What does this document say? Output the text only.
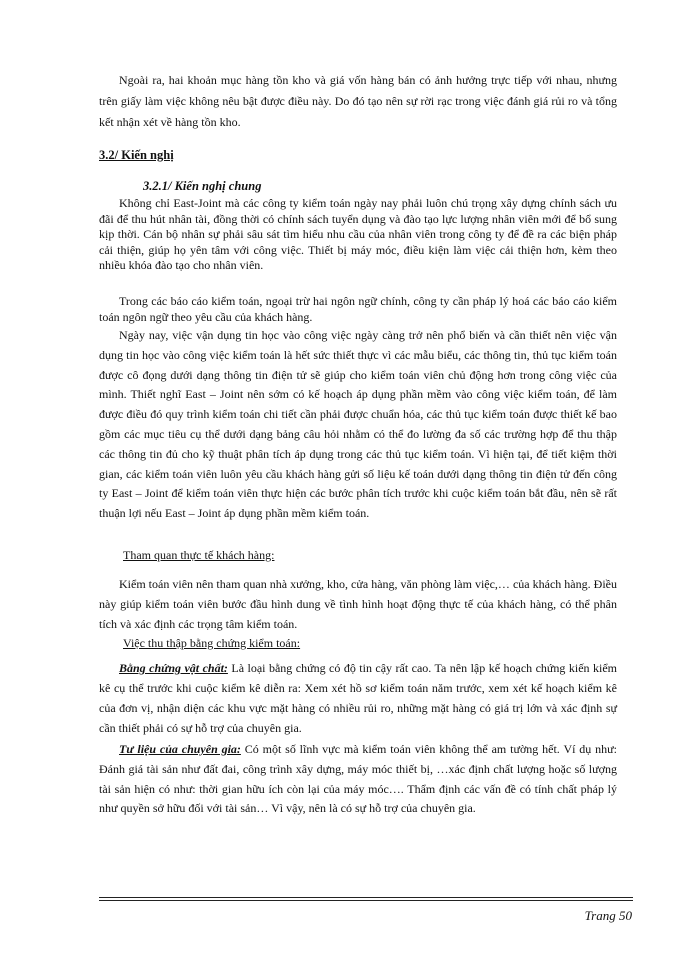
Ngoài ra, hai khoản mục hàng tồn kho và giá vốn hàng bán có ảnh hưởng trực tiếp với nhau, nhưng trên giấy làm việc không nêu bật được điều này. Do đó tạo nên sự rời rạc trong việc đánh giá rủi ro và tổng kết nhận xét về hàng tồn kho.

3.2/ Kiến nghị

3.2.1/ Kiến nghị chung

Không chỉ East-Joint mà các công ty kiểm toán ngày nay phải luôn chú trọng xây dựng chính sách ưu đãi để thu hút nhân tài, đồng thời có chính sách tuyển dụng và đào tạo lực lượng nhân viên mới để bổ sung kịp thời. Cán bộ nhân sự phải sâu sát tìm hiểu nhu cầu của nhân viên trong công ty để đề ra các biện pháp cải thiện, giúp họ yên tâm với công việc. Thiết bị máy móc, điều kiện làm việc cải thiện hơn, kèm theo nhiều khóa đào tạo cho nhân viên.

Trong các báo cáo kiểm toán, ngoại trừ hai ngôn ngữ chính, công ty cần pháp lý hoá các báo cáo kiểm toán ngôn ngữ theo yêu cầu của khách hàng.

Ngày nay, việc vận dụng tin học vào công việc ngày càng trở nên phổ biến và cần thiết nên việc vận dụng tin học vào công việc kiểm toán là hết sức thiết thực vì các mẫu biểu, các thông tin, thủ tục kiểm toán được cô đọng dưới dạng thông tin điện tử sẽ giúp cho kiểm toán viên chủ động hơn trong công việc của mình. Thiết nghĩ East – Joint nên sớm có kế hoạch áp dụng phần mềm vào công việc kiểm toán, để làm được điều đó quy trình kiểm toán chi tiết cần phải được chuẩn hóa, các thủ tục kiểm toán được thiết kế bao gồm các mục tiêu cụ thể dưới dạng bảng câu hỏi nhằm có thể đo lường đa số các trường hợp để thu thập các thông tin đủ cho kỹ thuật phân tích áp dụng trong các thủ tục kiểm toán. Vì hiện tại, để tiết kiệm thời gian, các kiểm toán viên luôn yêu cầu khách hàng gửi số liệu kế toán dưới dạng thông tin điện tử đến công ty East – Joint để kiểm toán viên thực hiện các bước phân tích trước khi cuộc kiểm toán bắt đầu, nên sẽ rất thuận lợi nếu East – Joint áp dụng phần mềm kiểm toán.

Tham quan thực tế khách hàng:

Kiểm toán viên nên tham quan nhà xưởng, kho, cửa hàng, văn phòng làm việc,… của khách hàng. Điều này giúp kiểm toán viên bước đầu hình dung về tình hình hoạt động thực tế của khách hàng, có thể phân tích và xác định các trọng tâm kiểm toán.

Việc thu thập bằng chứng kiểm toán:

Bằng chứng vật chất: Là loại bằng chứng có độ tin cậy rất cao. Ta nên lập kế hoạch chứng kiến kiểm kê cụ thể trước khi cuộc kiểm kê diễn ra: Xem xét hồ sơ kiểm toán năm trước, xem xét kế hoạch kiểm kê của đơn vị, nhận diện các khu vực mặt hàng có nhiều rủi ro, những mặt hàng có giá trị lớn và xác định sự cần thiết phải có sự hỗ trợ của chuyên gia.

Tư liệu của chuyên gia: Có một số lĩnh vực mà kiểm toán viên không thể am tường hết. Ví dụ như: Đánh giá tài sản như đất đai, công trình xây dựng, máy móc thiết bị, …xác định chất lượng hoặc số lượng tài sản hiện có như: thời gian hữu ích còn lại của máy móc…. Thẩm định các vấn đề có tính chất pháp lý như quyền sở hữu đối với tài sản… Vì vậy, nên là có sự hỗ trợ của chuyên gia.

Trang 50
